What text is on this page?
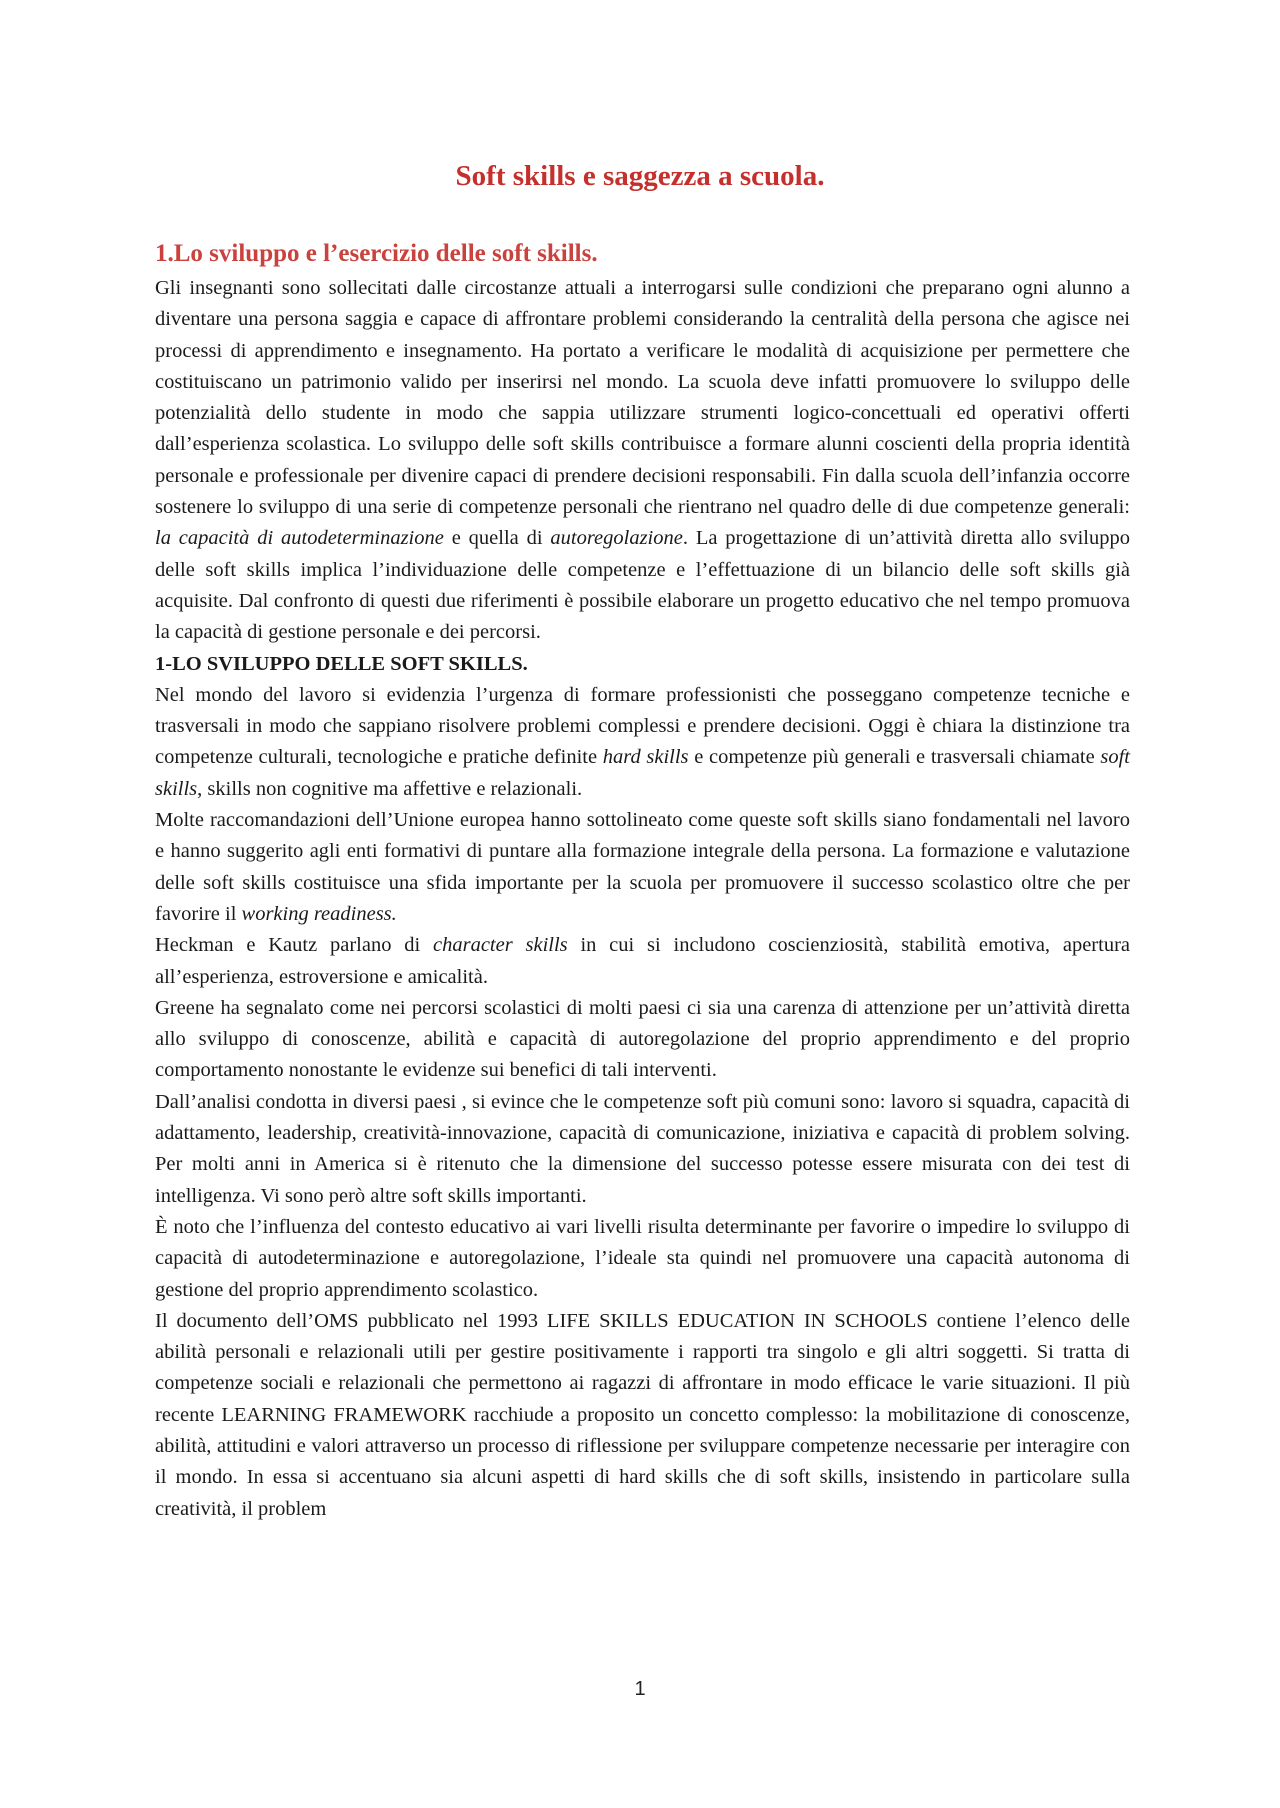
Soft skills e saggezza a scuola.
1.Lo sviluppo e l’esercizio delle soft skills.

Gli insegnanti sono sollecitati dalle circostanze attuali a interrogarsi sulle condizioni che preparano ogni alunno a diventare una persona saggia e capace di affrontare problemi considerando la centralità della persona che agisce nei processi di apprendimento e insegnamento. Ha portato a verificare le modalità di acquisizione per permettere che costituiscano un patrimonio valido per inserirsi nel mondo. La scuola deve infatti promuovere lo sviluppo delle potenzialità dello studente in modo che sappia utilizzare strumenti logico-concettuali ed operativi offerti dall’esperienza scolastica. Lo sviluppo delle soft skills contribuisce a formare alunni coscienti della propria identità personale e professionale per divenire capaci di prendere decisioni responsabili. Fin dalla scuola dell’infanzia occorre sostenere lo sviluppo di una serie di competenze personali che rientrano nel quadro delle di due competenze generali: la capacità di autodeterminazione e quella di autoregolazione. La progettazione di un’attività diretta allo sviluppo delle soft skills implica l’individuazione delle competenze e l’effettuazione di un bilancio delle soft skills già acquisite. Dal confronto di questi due riferimenti è possibile elaborare un progetto educativo che nel tempo promuova la capacità di gestione personale e dei percorsi.

1-LO SVILUPPO DELLE SOFT SKILLS.

Nel mondo del lavoro si evidenzia l’urgenza di formare professionisti che posseggano competenze tecniche e trasversali in modo che sappiano risolvere problemi complessi e prendere decisioni. Oggi è chiara la distinzione tra competenze culturali, tecnologiche e pratiche definite hard skills e competenze più generali e trasversali chiamate soft skills, skills non cognitive ma affettive e relazionali.

Molte raccomandazioni dell’Unione europea hanno sottolineato come queste soft skills siano fondamentali nel lavoro e hanno suggerito agli enti formativi di puntare alla formazione integrale della persona. La formazione e valutazione delle soft skills costituisce una sfida importante per la scuola per promuovere il successo scolastico oltre che per favorire il working readiness.

Heckman e Kautz parlano di character skills in cui si includono coscienziosità, stabilità emotiva, apertura all’esperienza, estroversione e amicalità.

Greene ha segnalato come nei percorsi scolastici di molti paesi ci sia una carenza di attenzione per un’attività diretta allo sviluppo di conoscenze, abilità e capacità di autoregolazione del proprio apprendimento e del proprio comportamento nonostante le evidenze sui benefici di tali interventi.

Dall’analisi condotta in diversi paesi , si evince che le competenze soft più comuni sono: lavoro si squadra, capacità di adattamento, leadership, creatività-innovazione, capacità di comunicazione, iniziativa e capacità di problem solving. Per molti anni in America si è ritenuto che la dimensione del successo potesse essere misurata con dei test di intelligenza. Vi sono però altre soft skills importanti.

È noto che l’influenza del contesto educativo ai vari livelli risulta determinante per favorire o impedire lo sviluppo di capacità di autodeterminazione e autoregolazione, l’ideale sta quindi nel promuovere una capacità autonoma di gestione del proprio apprendimento scolastico.

Il documento dell’OMS pubblicato nel 1993 LIFE SKILLS EDUCATION IN SCHOOLS contiene l’elenco delle abilità personali e relazionali utili per gestire positivamente i rapporti tra singolo e gli altri soggetti. Si tratta di competenze sociali e relazionali che permettono ai ragazzi di affrontare in modo efficace le varie situazioni. Il più recente LEARNING FRAMEWORK racchiude a proposito un concetto complesso: la mobilitazione di conoscenze, abilità, attitudini e valori attraverso un processo di riflessione per sviluppare competenze necessarie per interagire con il mondo. In essa si accentuano sia alcuni aspetti di hard skills che di soft skills, insistendo in particolare sulla creatività, il problem

1
